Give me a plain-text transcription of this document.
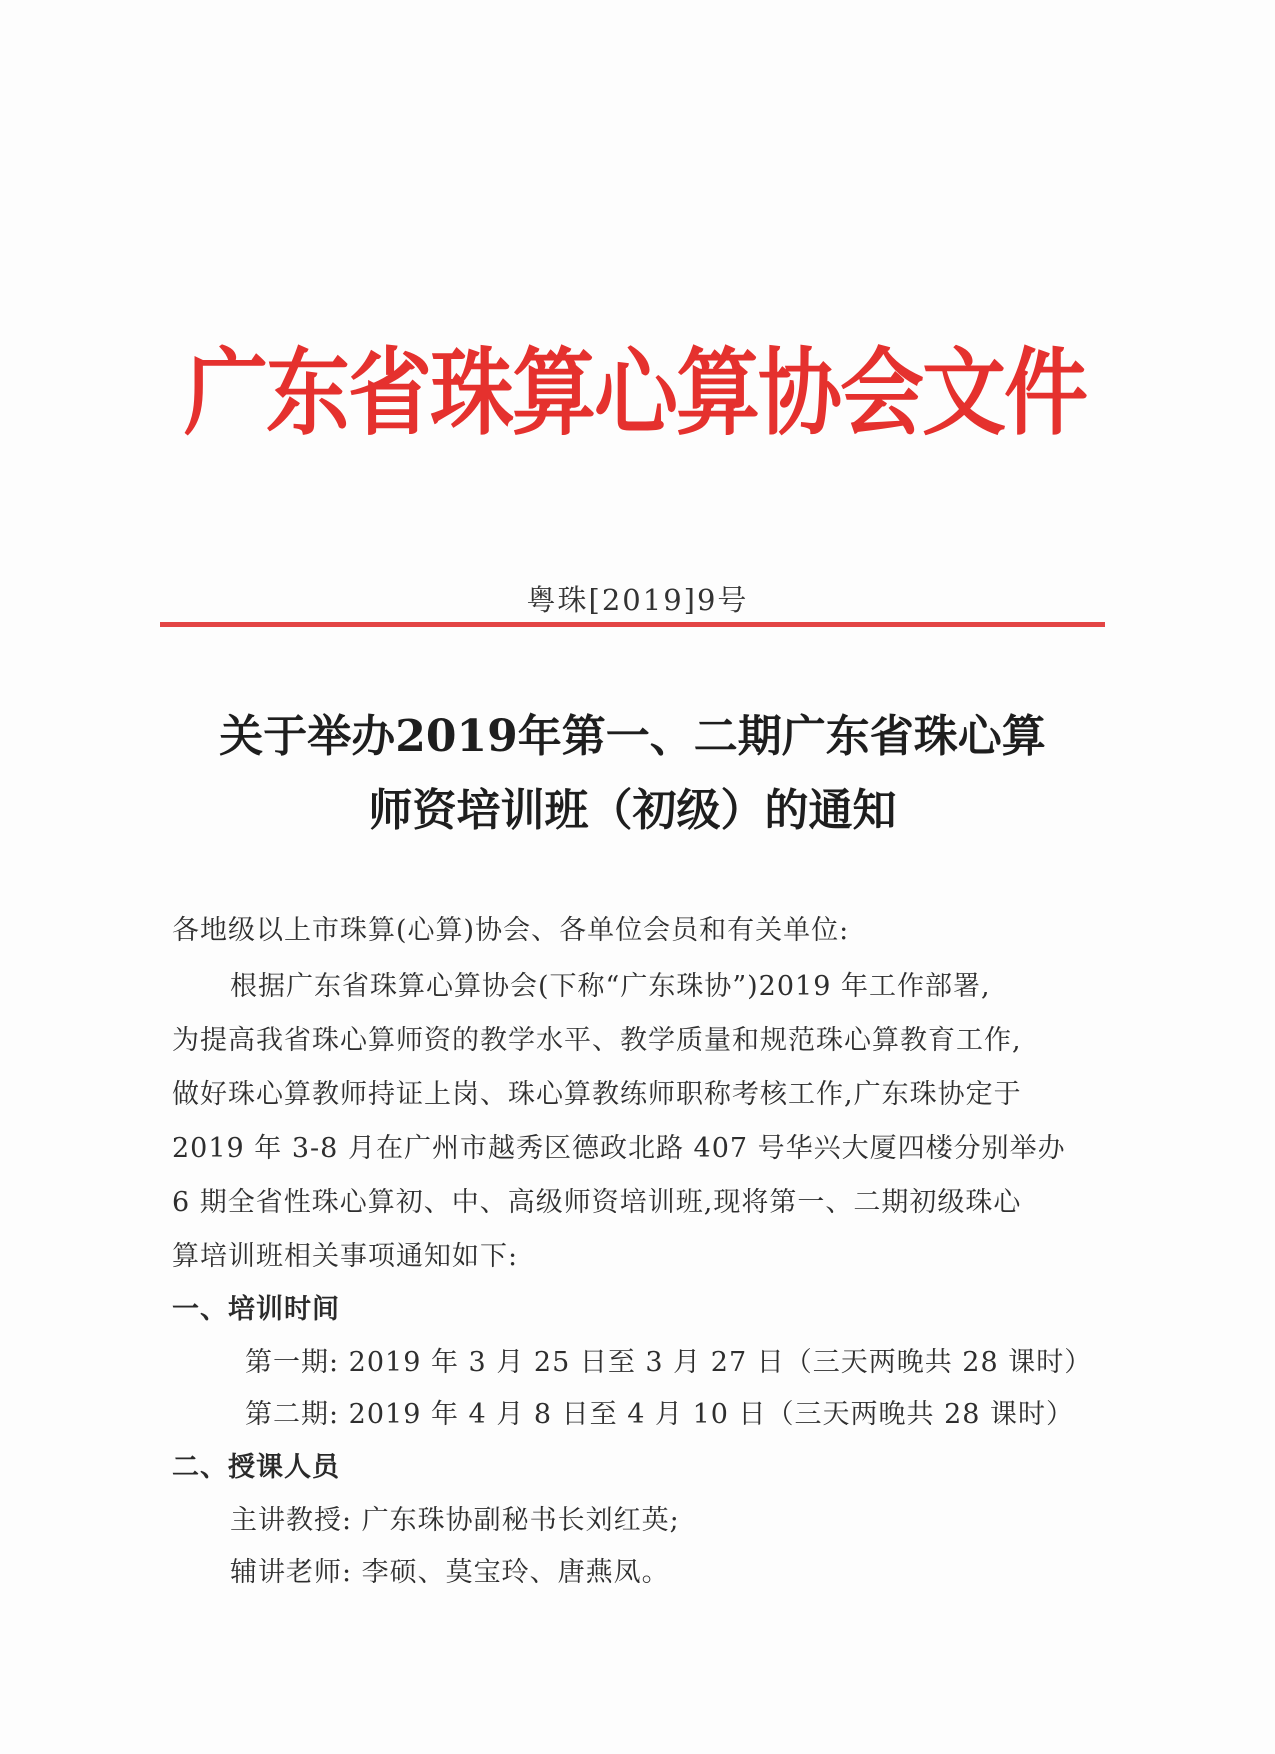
广东省珠算心算协会文件
粤珠[2019]9号
关于举办2019年第一、二期广东省珠心算
师资培训班（初级）的通知
各地级以上市珠算(心算)协会、各单位会员和有关单位:
根据广东省珠算心算协会(下称“广东珠协”)2019 年工作部署,
为提高我省珠心算师资的教学水平、教学质量和规范珠心算教育工作,
做好珠心算教师持证上岗、珠心算教练师职称考核工作,广东珠协定于
2019 年 3-8 月在广州市越秀区德政北路 407 号华兴大厦四楼分别举办
6 期全省性珠心算初、中、高级师资培训班,现将第一、二期初级珠心
算培训班相关事项通知如下:
一、培训时间
第一期: 2019 年 3 月 25 日至 3 月 27 日（三天两晚共 28 课时）
第二期: 2019 年 4 月 8 日至 4 月 10 日（三天两晚共 28 课时）
二、授课人员
主讲教授: 广东珠协副秘书长刘红英;
辅讲老师: 李硕、莫宝玲、唐燕凤。
